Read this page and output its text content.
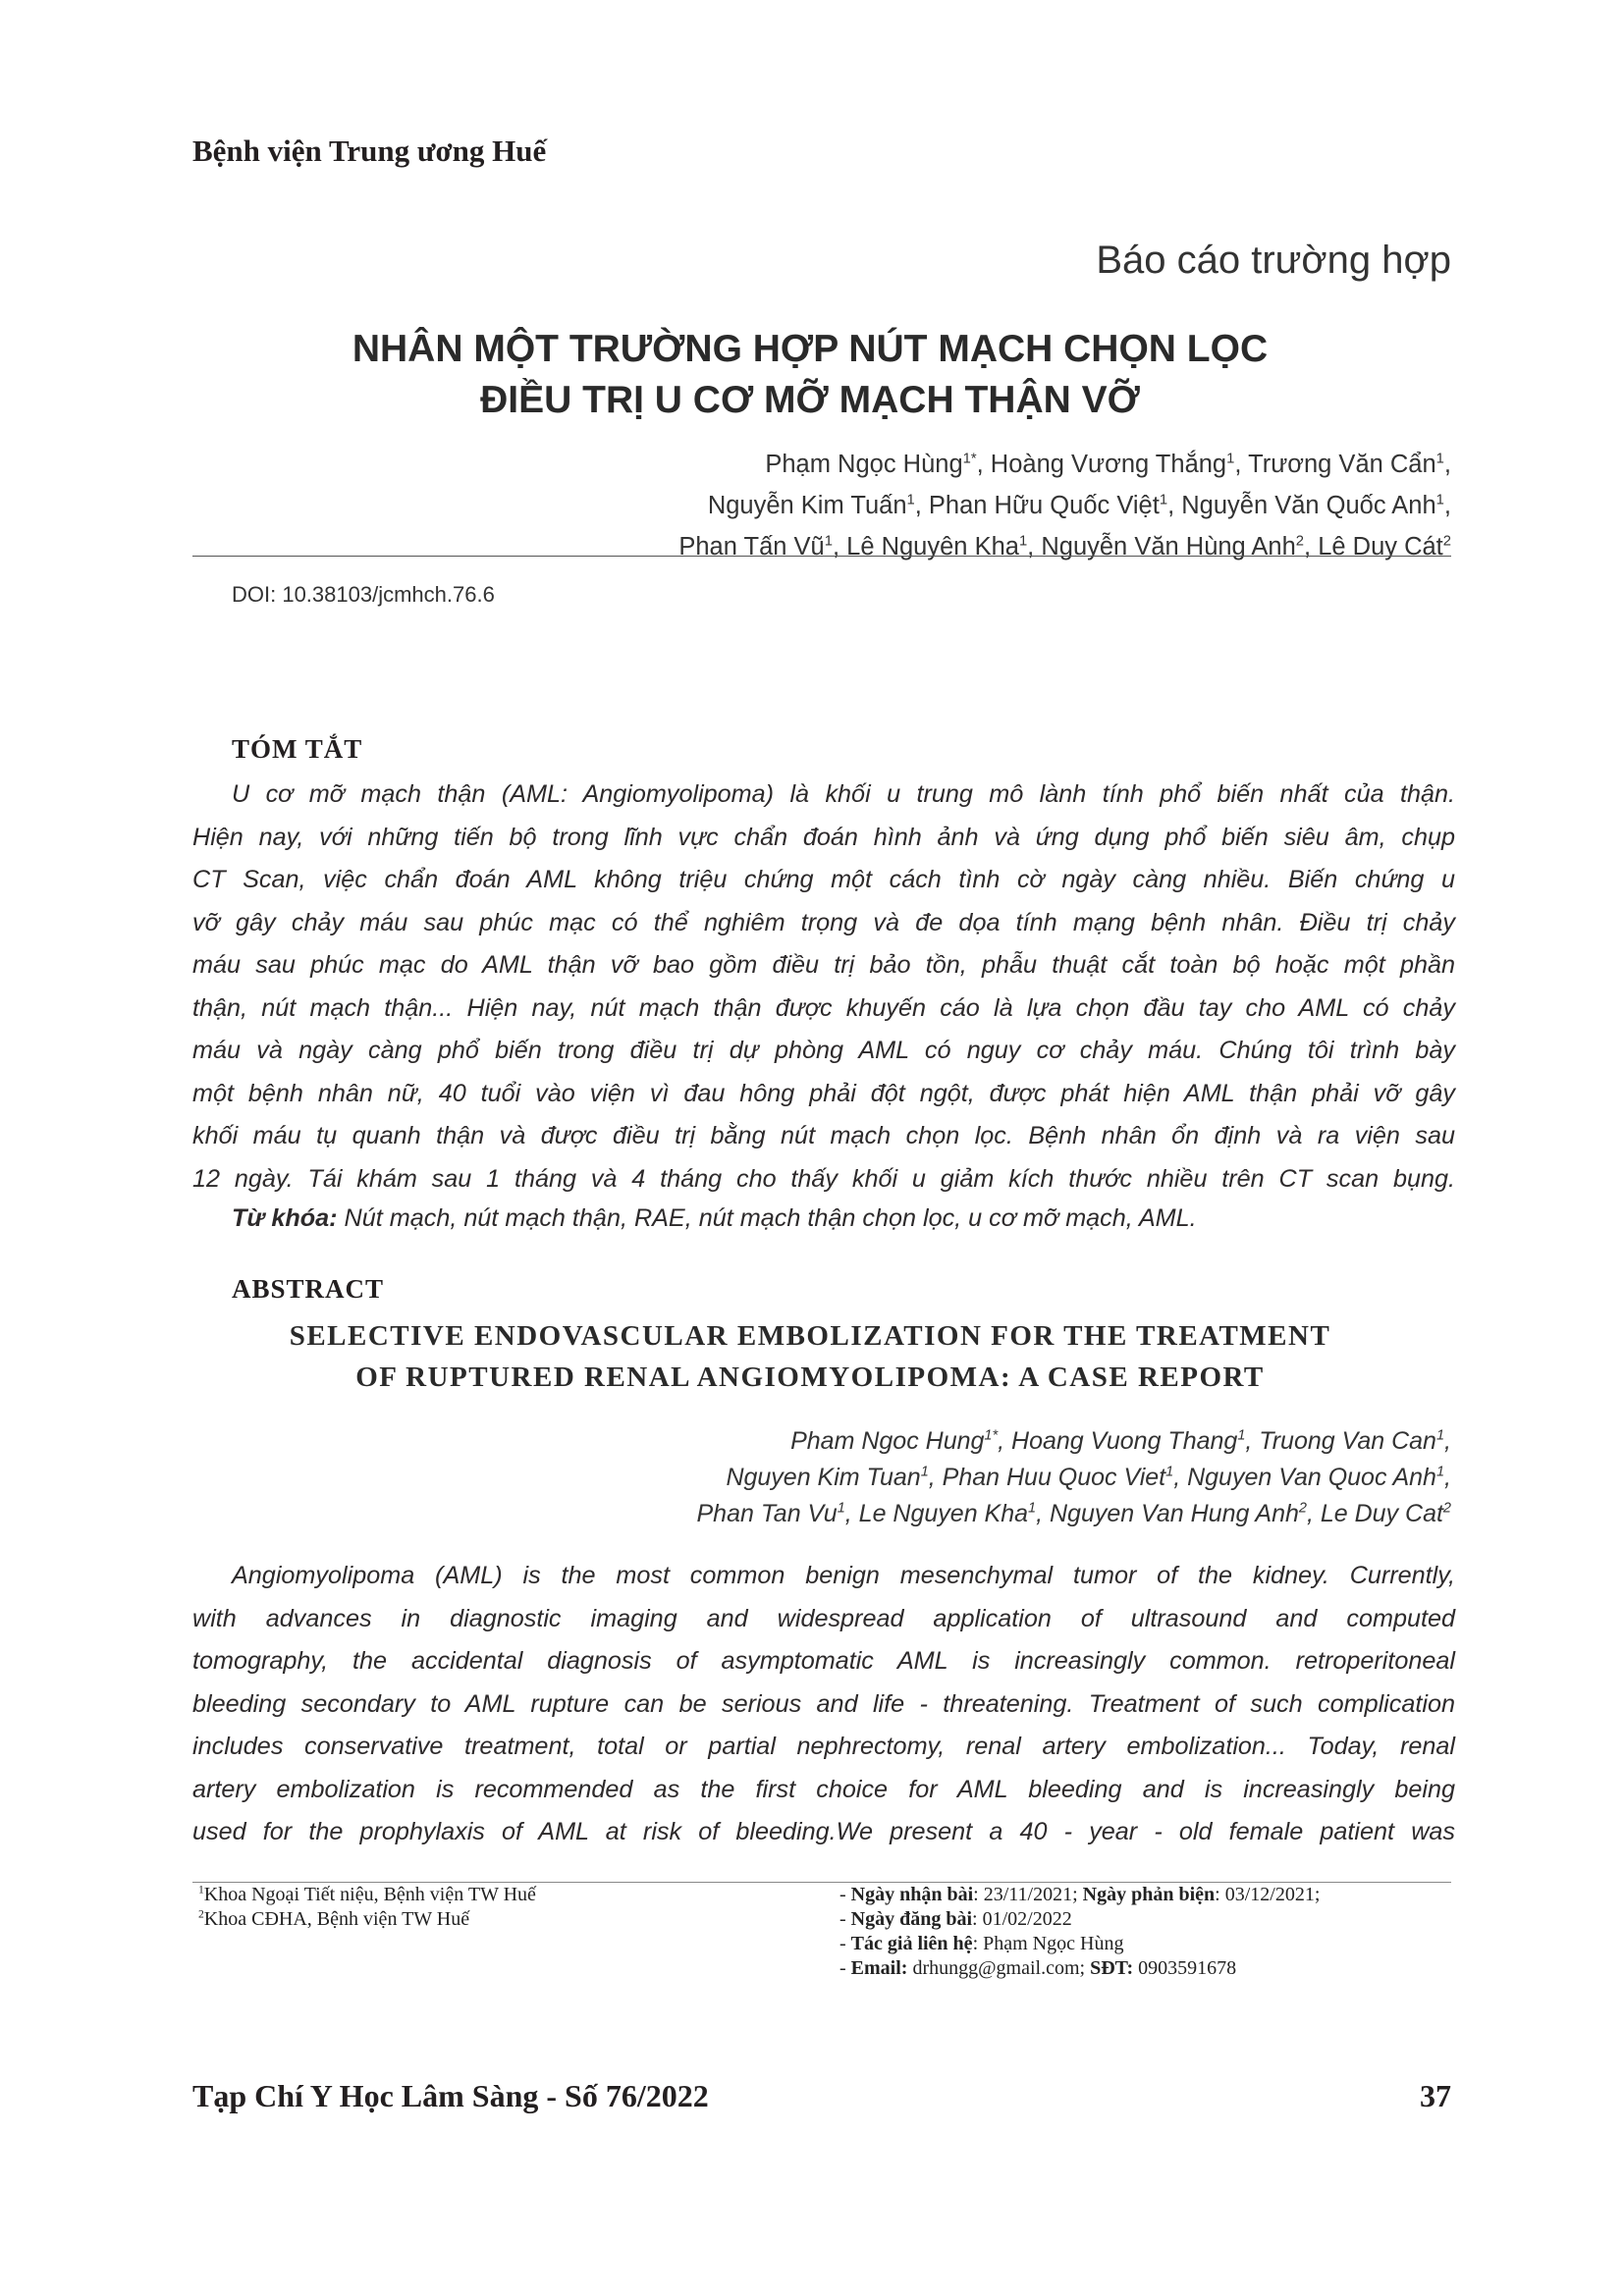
Bệnh viện Trung ương Huế
Báo cáo trường hợp
NHÂN MỘT TRƯỜNG HỢP NÚT MẠCH CHỌN LỌC
ĐIỀU TRỊ U CƠ MỠ MẠCH THẬN VỠ

Phạm Ngọc Hùng$^{1*}$, Hoàng Vương Thắng$^1$, Trương Văn Cẩn$^1$,

Nguyễn Kim Tuấn$^1$, Phan Hữu Quốc Việt$^1$, Nguyễn Văn Quốc Anh$^1$,

Phan Tấn $Vũ^1$, Lê Nguyên Kha$^1$, Nguyễn Văn Hùng Anh$^2$, Lê Duy Cát$^2$

DOI: 10.38103/jcmhch.76.6
TÓM TẮT

U cơ mỡ mạch thận (AML: Angiomyolipoma) là khối u trung mô lành tính phổ biến nhất của thận.

Hiện nay, với những tiến bộ trong lĩnh vực chẩn đoán hình ảnh và ứng dụng phổ biến siêu âm, chụp

CT Scan, việc chẩn đoán AML không triệu chứng một cách tình cờ ngày càng nhiều. Biến chứng u

vỡ gây chảy máu sau phúc mạc có thể nghiêm trọng và đe dọa tính mạng bệnh nhân. Điều trị chảy

máu sau phúc mạc do AML thận vỡ bao gồm điều trị bảo tồn, phẫu thuật cắt toàn bộ hoặc một phần

thận, nút mạch thận... Hiện nay, nút mạch thận được khuyến cáo là lựa chọn đầu tay cho AML có chảy

máu và ngày càng phổ biến trong điều trị dự phòng AML có nguy cơ chảy máu. Chúng tôi trình bày

một bệnh nhân nữ, 40 tuổi vào viện vì đau hông phải đột ngột, được phát hiện AML thận phải vỡ gây

khối máu tụ quanh thận và được điều trị bằng nút mạch chọn lọc. Bệnh nhân ổn định và ra viện sau

12 ngày. Tái khám sau 1 tháng và 4 tháng cho thấy khối u giảm kích thước nhiều trên CT scan bụng.

Từ khóa: Nút mạch, nút mạch thận, RAE, nút mạch thận chọn lọc, u cơ mỡ mạch, AML.
ABSTRACT
SELECTIVE ENDOVASCULAR EMBOLIZATION FOR THE TREATMENT
OF RUPTURED RENAL ANGIOMYOLIPOMA: A CASE REPORT

Pham Ngoc Hung$^{1*}$, Hoang Vuong Thang$^1$, Truong Van Can$^1$,

Nguyen Kim Tuan$^1$, Phan Huu Quoc Viet$^1$, Nguyen Van Quoc Anh$^1$,

Phan Tan Vu$^1$, Le Nguyen Kha$^1$, Nguyen Van Hung Anh$^2$, Le Duy Cat$^2$

Angiomyolipoma (AML) is the most common benign mesenchymal tumor of the kidney. Currently,

with advances in diagnostic imaging and widespread application of ultrasound and computed

tomography, the accidental diagnosis of asymptomatic AML is increasingly common. retroperitoneal

bleeding secondary to AML rupture can be serious and life - threatening. Treatment of such complication

includes conservative treatment, total or partial nephrectomy, renal artery embolization... Today, renal

artery embolization is recommended as the first choice for AML bleeding and is increasingly being

used for the prophylaxis of AML at risk of bleeding.We present a 40 - year - old female patient was

$^1$Khoa Ngoại Tiết niệu, Bệnh viện TW Huế

$^2$Khoa CĐHA, Bệnh viện TW Huế

- Ngày nhận bài: 23/11/2021; Ngày phản biện: 03/12/2021;

- Ngày đăng bài: 01/02/2022

- Tác giả liên hệ: Phạm Ngọc Hùng

- Email: drhungg@gmail.com; SĐT: 0903591678

Tạp Chí Y Học Lâm Sàng - Số 76/2022	37
